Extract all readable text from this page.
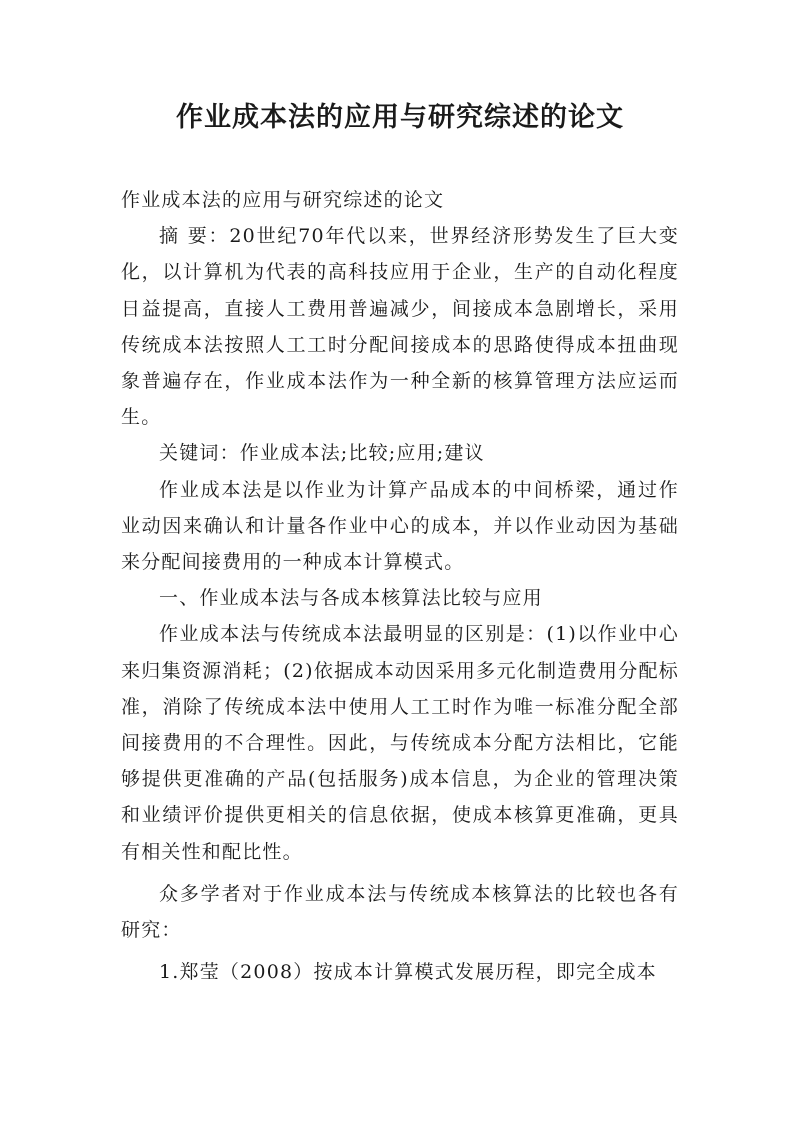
作业成本法的应用与研究综述的论文

作业成本法的应用与研究综述的论文

摘 要：20世纪70年代以来，世界经济形势发生了巨大变化，以计算机为代表的高科技应用于企业，生产的自动化程度日益提高，直接人工费用普遍减少，间接成本急剧增长，采用传统成本法按照人工工时分配间接成本的思路使得成本扭曲现象普遍存在，作业成本法作为一种全新的核算管理方法应运而生。

关键词：作业成本法;比较;应用;建议

作业成本法是以作业为计算产品成本的中间桥梁，通过作业动因来确认和计量各作业中心的成本，并以作业动因为基础来分配间接费用的一种成本计算模式。

一、作业成本法与各成本核算法比较与应用

作业成本法与传统成本法最明显的区别是：(1)以作业中心来归集资源消耗；(2)依据成本动因采用多元化制造费用分配标准，消除了传统成本法中使用人工工时作为唯一标准分配全部间接费用的不合理性。因此，与传统成本分配方法相比，它能够提供更准确的产品(包括服务)成本信息，为企业的管理决策和业绩评价提供更相关的信息依据，使成本核算更准确，更具有相关性和配比性。

众多学者对于作业成本法与传统成本核算法的比较也各有研究：

1.郑莹（2008）按成本计算模式发展历程，即完全成本
